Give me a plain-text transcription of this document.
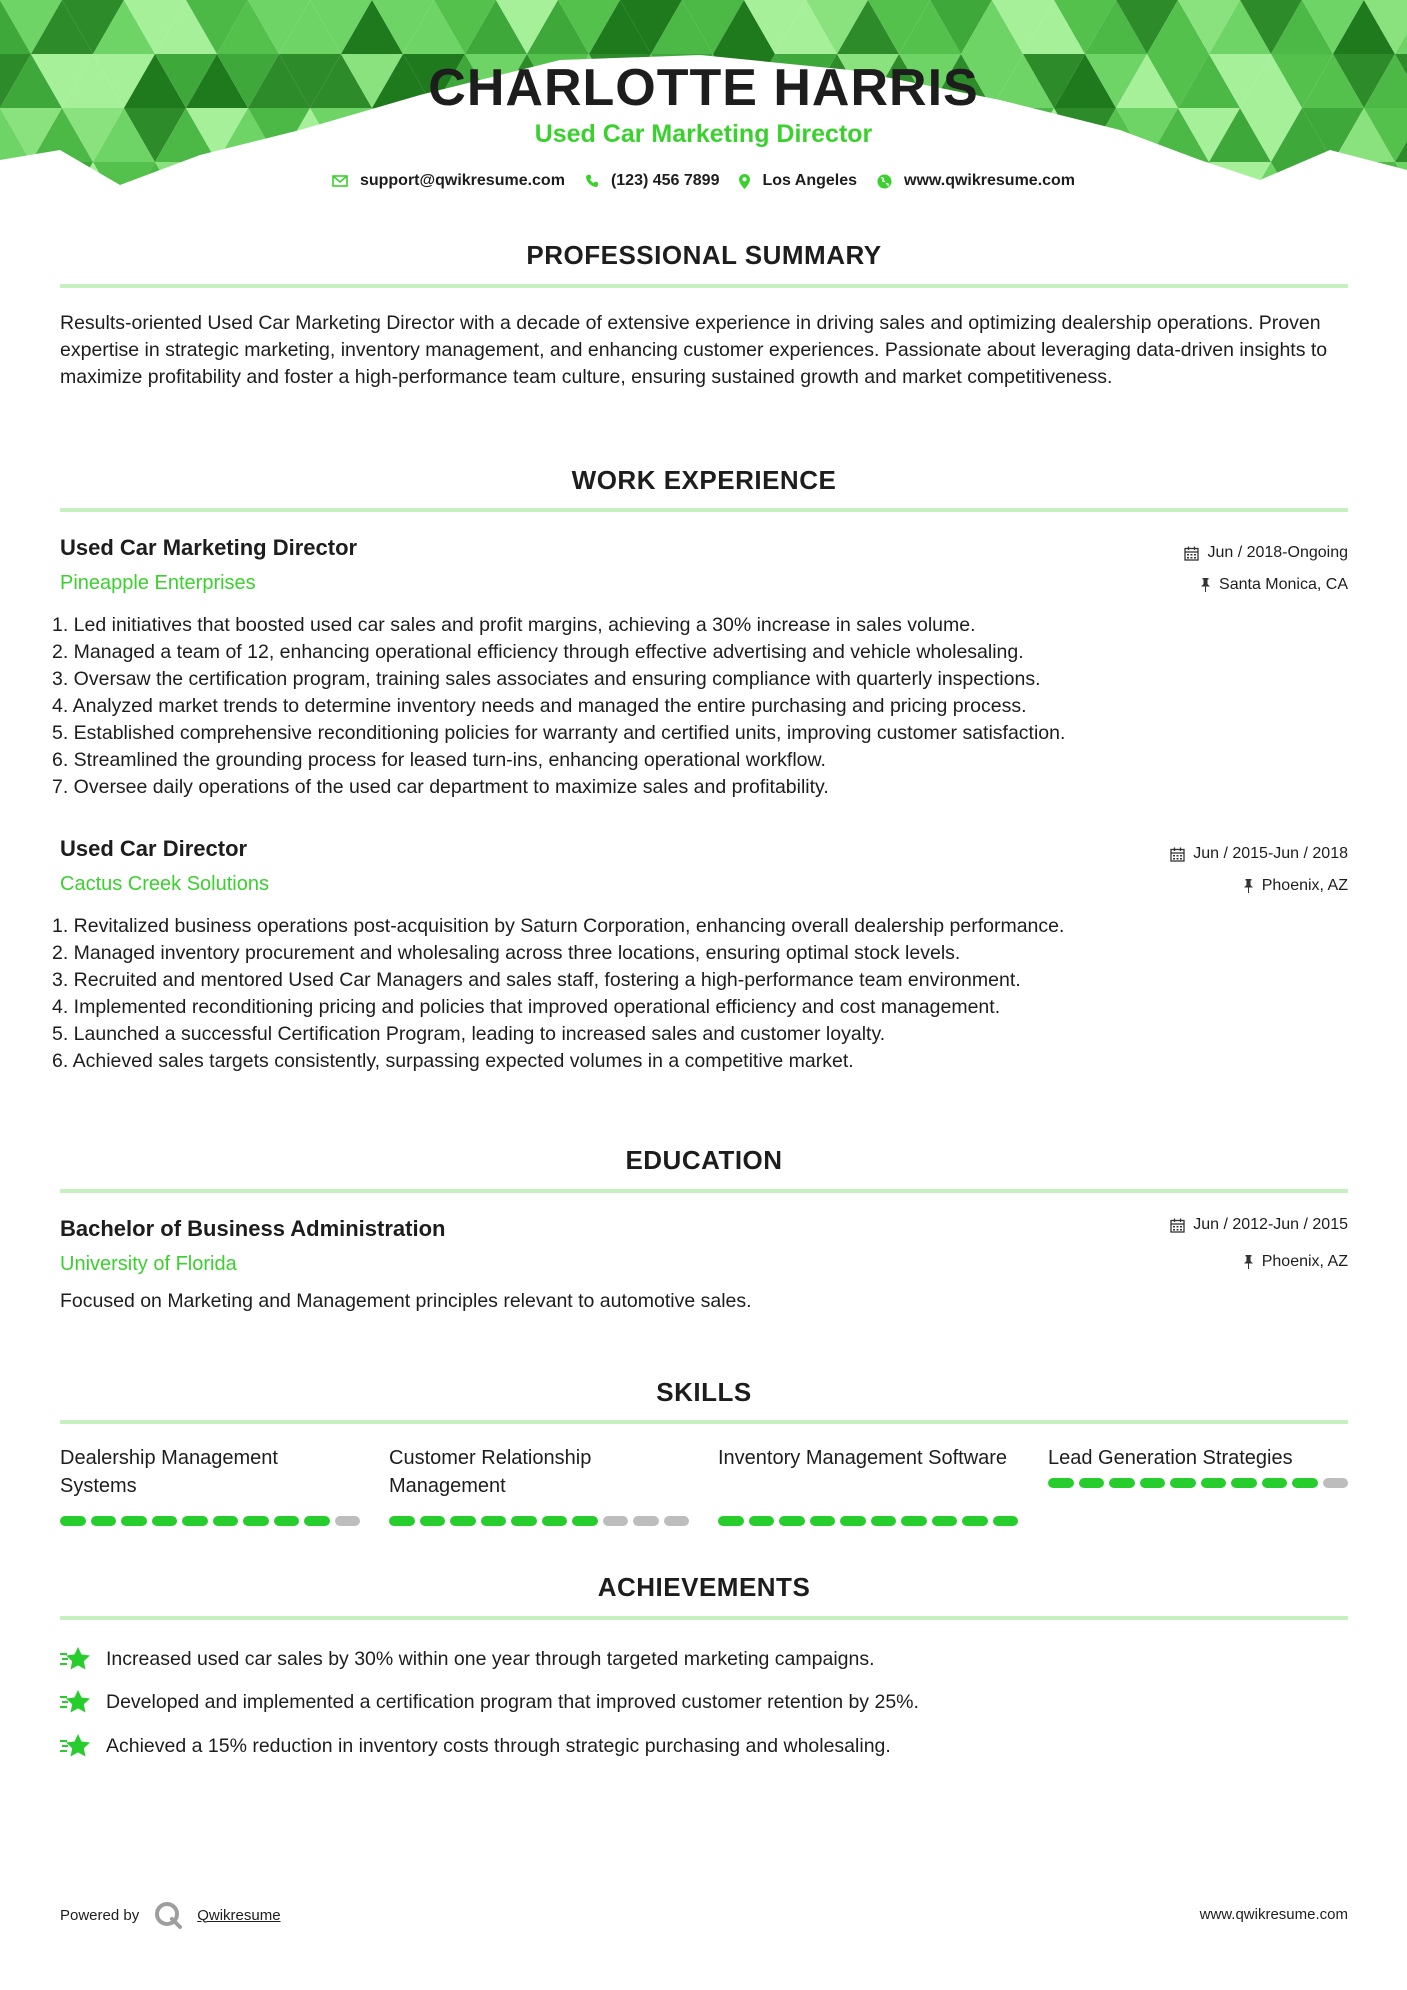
CHARLOTTE HARRIS
Used Car Marketing Director
support@qwikresume.com	(123) 456 7899	Los Angeles	www.qwikresume.com
PROFESSIONAL SUMMARY
Results-oriented Used Car Marketing Director with a decade of extensive experience in driving sales and optimizing dealership operations. Proven expertise in strategic marketing, inventory management, and enhancing customer experiences. Passionate about leveraging data-driven insights to maximize profitability and foster a high-performance team culture, ensuring sustained growth and market competitiveness.
WORK EXPERIENCE
Used Car Marketing Director
Pineapple Enterprises
Jun / 2018-Ongoing
Santa Monica, CA
1. Led initiatives that boosted used car sales and profit margins, achieving a 30% increase in sales volume.
2. Managed a team of 12, enhancing operational efficiency through effective advertising and vehicle wholesaling.
3. Oversaw the certification program, training sales associates and ensuring compliance with quarterly inspections.
4. Analyzed market trends to determine inventory needs and managed the entire purchasing and pricing process.
5. Established comprehensive reconditioning policies for warranty and certified units, improving customer satisfaction.
6. Streamlined the grounding process for leased turn-ins, enhancing operational workflow.
7. Oversee daily operations of the used car department to maximize sales and profitability.
Used Car Director
Cactus Creek Solutions
Jun / 2015-Jun / 2018
Phoenix, AZ
1. Revitalized business operations post-acquisition by Saturn Corporation, enhancing overall dealership performance.
2. Managed inventory procurement and wholesaling across three locations, ensuring optimal stock levels.
3. Recruited and mentored Used Car Managers and sales staff, fostering a high-performance team environment.
4. Implemented reconditioning pricing and policies that improved operational efficiency and cost management.
5. Launched a successful Certification Program, leading to increased sales and customer loyalty.
6. Achieved sales targets consistently, surpassing expected volumes in a competitive market.
EDUCATION
Bachelor of Business Administration
University of Florida
Jun / 2012-Jun / 2015
Phoenix, AZ
Focused on Marketing and Management principles relevant to automotive sales.
SKILLS
Dealership Management Systems
Customer Relationship Management
Inventory Management Software	Lead Generation Strategies
ACHIEVEMENTS
Increased used car sales by 30% within one year through targeted marketing campaigns.
Developed and implemented a certification program that improved customer retention by 25%.
Achieved a 15% reduction in inventory costs through strategic purchasing and wholesaling.
Powered by	Qwikresume	www.qwikresume.com
